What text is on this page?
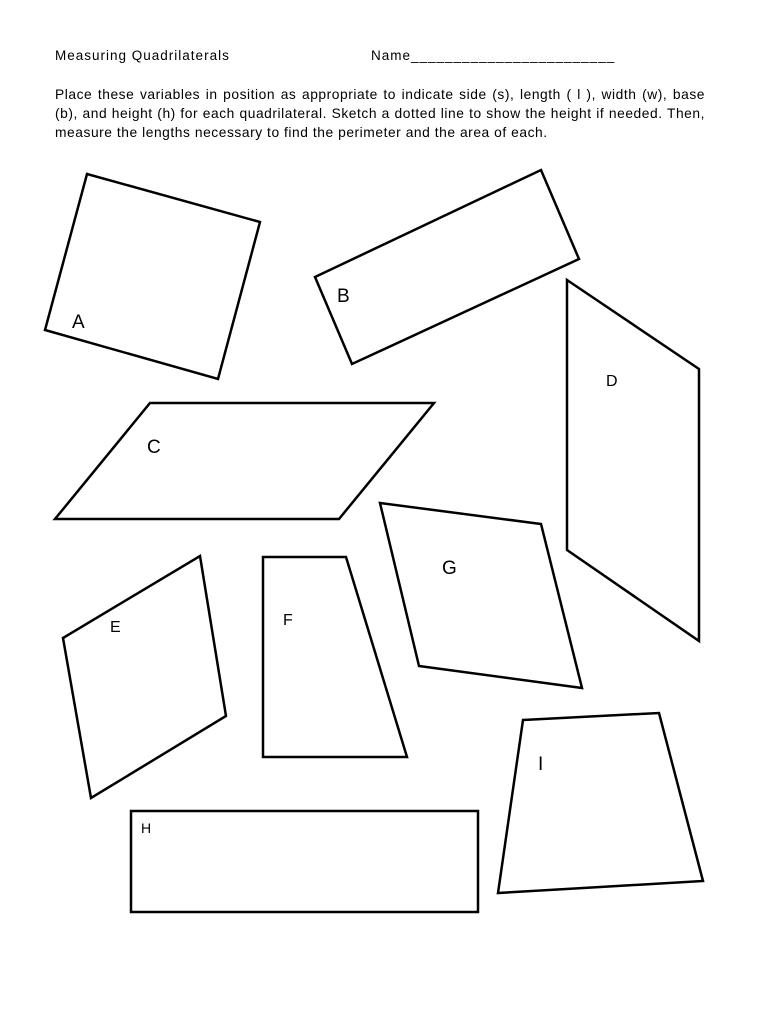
Measuring Quadrilaterals	Name________________________

Place these variables in position as appropriate to indicate side (s), length ( l ), width (w), base (b), and height (h) for each quadrilateral. Sketch a dotted line to show the height if needed. Then, measure the lengths necessary to find the perimeter and the area of each.

A
B
C
D
E	F
G
H
I
